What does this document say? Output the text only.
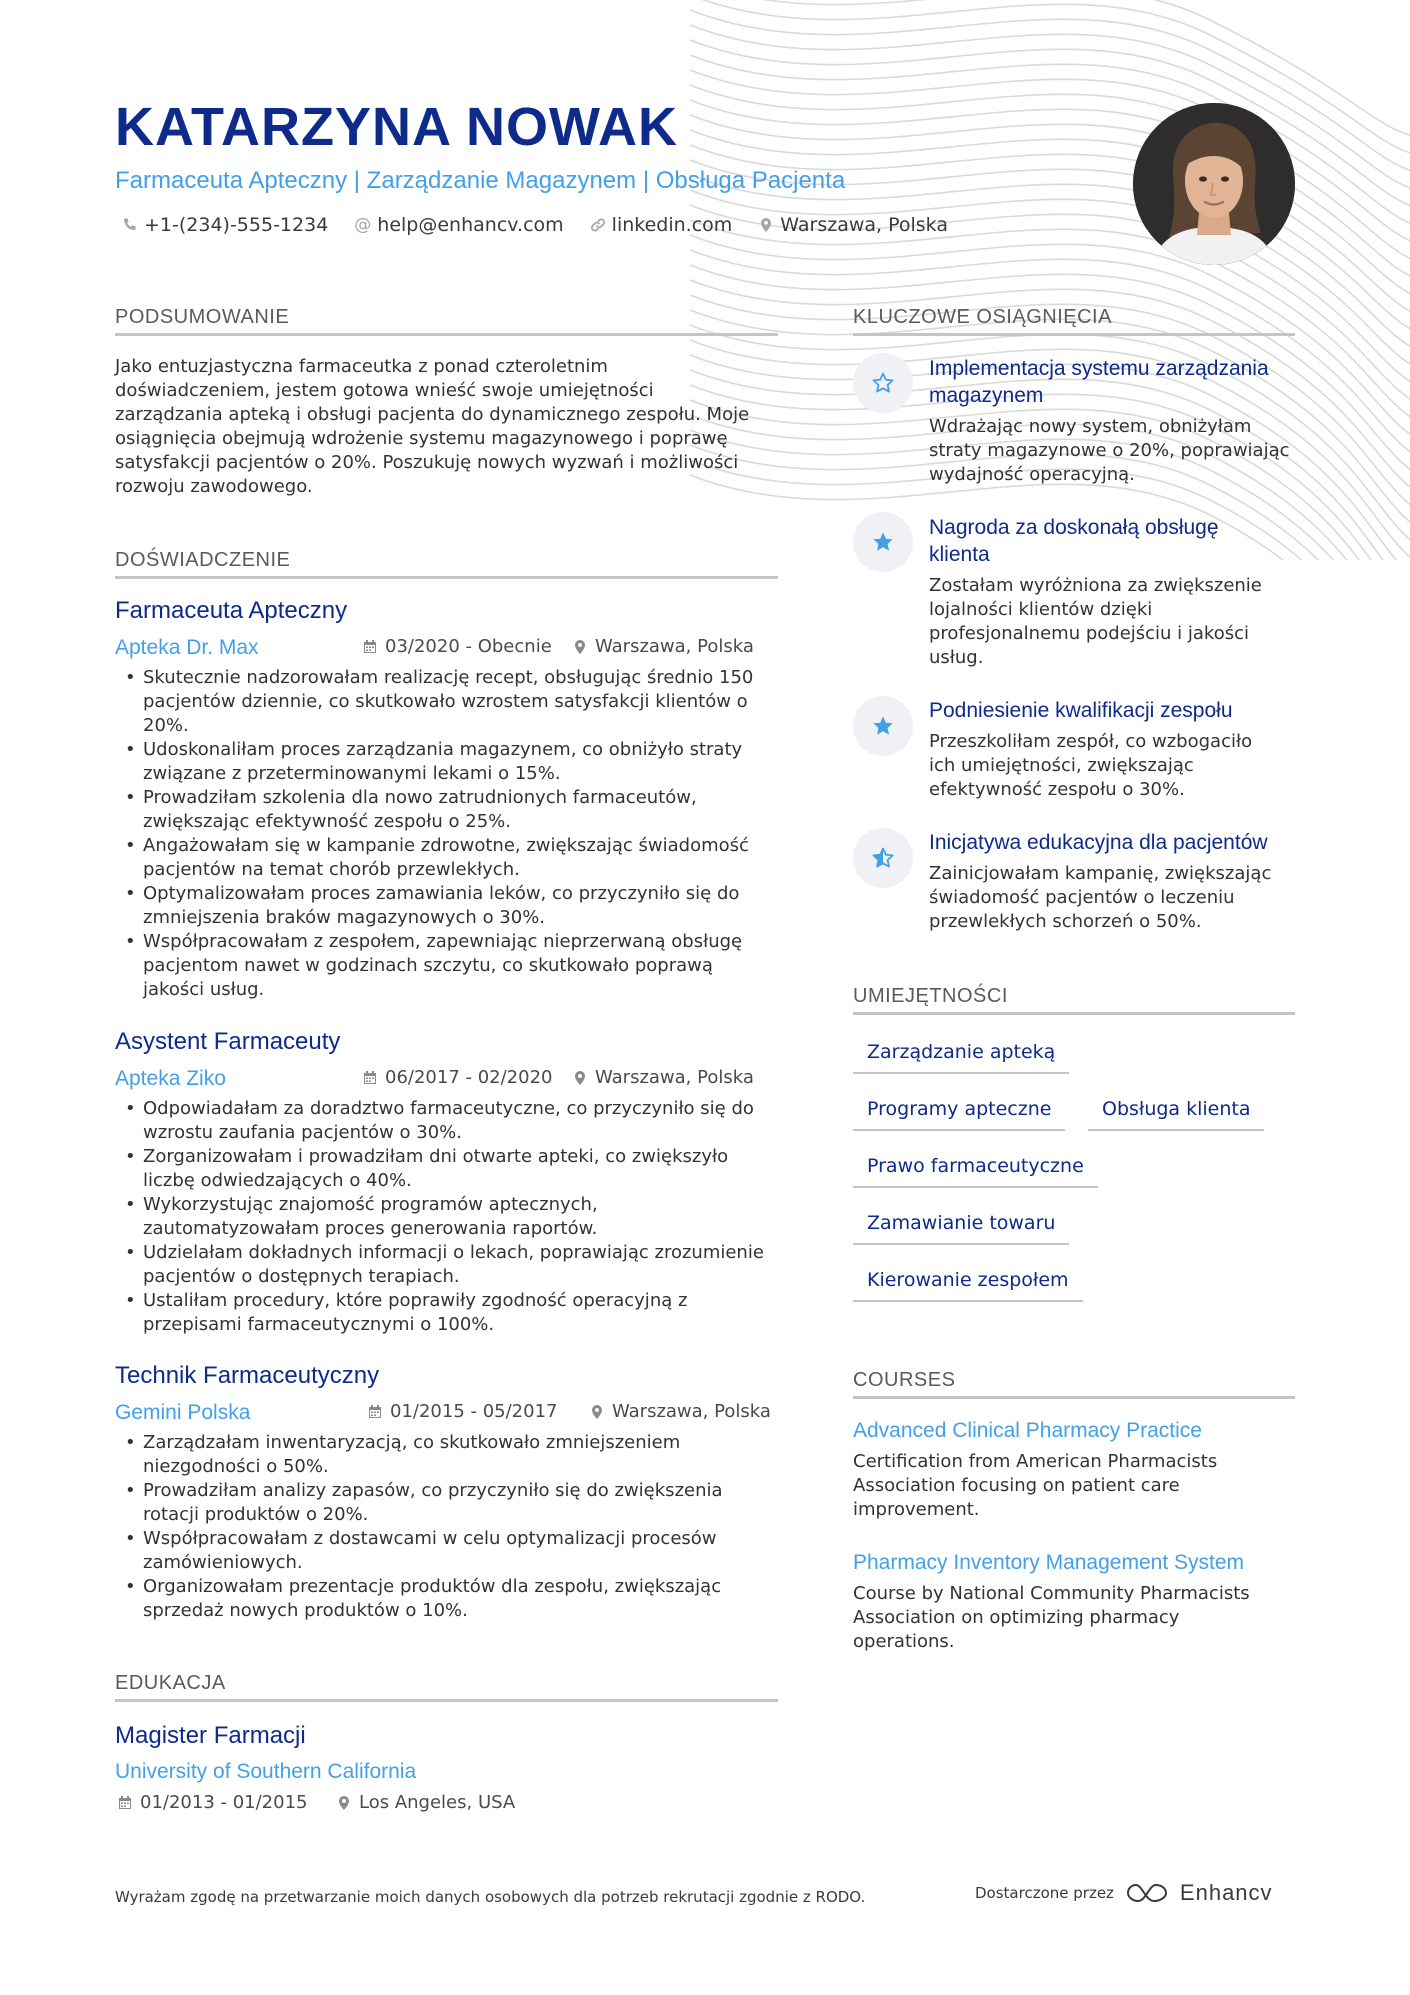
KATARZYNA NOWAK
Farmaceuta Apteczny | Zarządzanie Magazynem | Obsługa Pacjenta
+1-(234)-555-1234 @ help@enhancv.com	linkedin.com	Warszawa, Polska
PODSUMOWANIE
Jako entuzjastyczna farmaceutka z ponad czteroletnim
doświadczeniem, jestem gotowa wnieść swoje umiejętności
zarządzania apteką i obsługi pacjenta do dynamicznego zespołu. Moje
osiągnięcia obejmują wdrożenie systemu magazynowego i poprawę
satysfakcji pacjentów o 20%. Poszukuję nowych wyzwań i możliwości
rozwoju zawodowego.
DOŚWIADCZENIE
Farmaceuta Apteczny
Apteka Dr. Max	03/2020 - Obecnie Warszawa, Polska
• Skutecznie nadzorowałam realizację recept, obsługując średnio 150
pacjentów dziennie, co skutkowało wzrostem satysfakcji klientów o
20%.
• Udoskonaliłam proces zarządzania magazynem, co obniżyło straty
związane z przeterminowanymi lekami o 15%.
• Prowadziłam szkolenia dla nowo zatrudnionych farmaceutów,
zwiększając efektywność zespołu o 25%.
• Angażowałam się w kampanie zdrowotne, zwiększając świadomość
pacjentów na temat chorób przewlekłych.
• Optymalizowałam proces zamawiania leków, co przyczyniło się do
zmniejszenia braków magazynowych o 30%.
• Współpracowałam z zespołem, zapewniając nieprzerwaną obsługę
pacjentom nawet w godzinach szczytu, co skutkowało poprawą
jakości usług.
Asystent Farmaceuty
Apteka Ziko	06/2017 - 02/2020 Warszawa, Polska
• Odpowiadałam za doradztwo farmaceutyczne, co przyczyniło się do
wzrostu zaufania pacjentów o 30%.
• Zorganizowałam i prowadziłam dni otwarte apteki, co zwiększyło
liczbę odwiedzających o 40%.
• Wykorzystując znajomość programów aptecznych,
zautomatyzowałam proces generowania raportów.
• Udzielałam dokładnych informacji o lekach, poprawiając zrozumienie
pacjentów o dostępnych terapiach.
• Ustaliłam procedury, które poprawiły zgodność operacyjną z
przepisami farmaceutycznymi o 100%.
Technik Farmaceutyczny
Gemini Polska	01/2015 - 05/2017	Warszawa, Polska
• Zarządzałam inwentaryzacją, co skutkowało zmniejszeniem
niezgodności o 50%.
• Prowadziłam analizy zapasów, co przyczyniło się do zwiększenia
rotacji produktów o 20%.
• Współpracowałam z dostawcami w celu optymalizacji procesów
zamówieniowych.
• Organizowałam prezentacje produktów dla zespołu, zwiększając
sprzedaż nowych produktów o 10%.
EDUKACJA
Magister Farmacji
University of Southern California
01/2013 - 01/2015	Los Angeles, USA
KLUCZOWE OSIĄGNIĘCIA
Implementacja systemu zarządzania
magazynem
Wdrażając nowy system, obniżyłam
straty magazynowe o 20%, poprawiając
wydajność operacyjną.
Nagroda za doskonałą obsługę
klienta
Zostałam wyróżniona za zwiększenie
lojalności klientów dzięki
profesjonalnemu podejściu i jakości
usług.
Podniesienie kwalifikacji zespołu
Przeszkoliłam zespół, co wzbogaciło
ich umiejętności, zwiększając
efektywność zespołu o 30%.
Inicjatywa edukacyjna dla pacjentów
Zainicjowałam kampanię, zwiększając
świadomość pacjentów o leczeniu
przewlekłych schorzeń o 50%.
UMIEJĘTNOŚCI
Zarządzanie apteką
Programy apteczne	Obsługa klienta
Prawo farmaceutyczne
Zamawianie towaru
Kierowanie zespołem
COURSES
Advanced Clinical Pharmacy Practice
Certification from American Pharmacists
Association focusing on patient care
improvement.
Pharmacy Inventory Management System
Course by National Community Pharmacists
Association on optimizing pharmacy
operations.
Wyrażam zgodę na przetwarzanie moich danych osobowych dla potrzeb rekrutacji zgodnie z RODO.	Dostarczone przez	Enhancv
